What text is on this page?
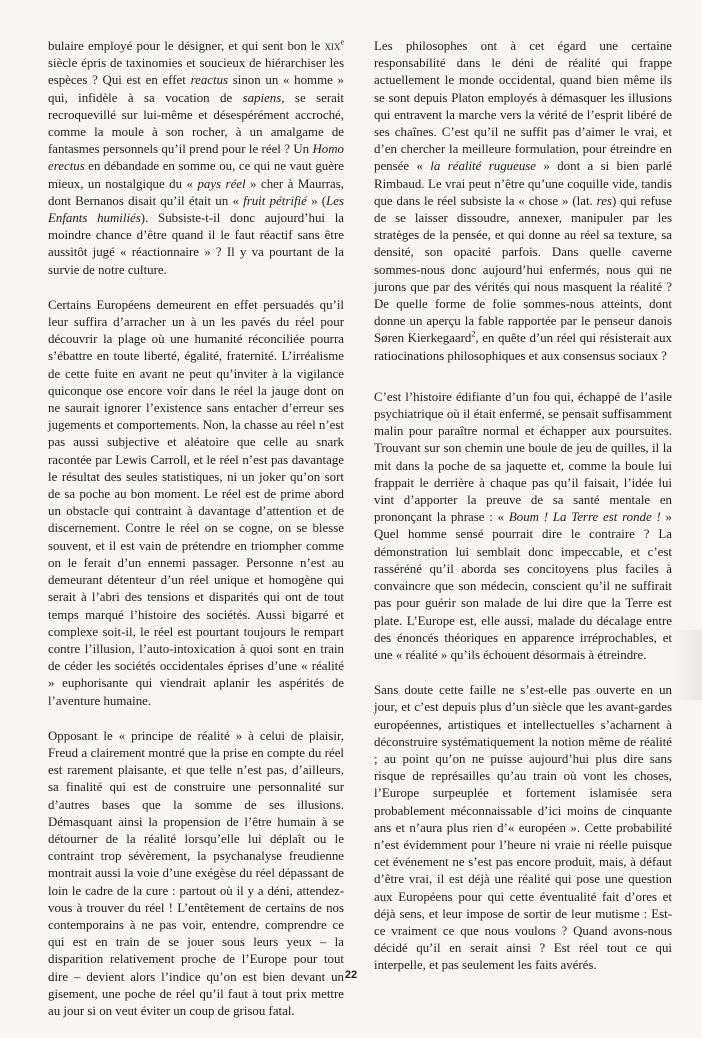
bulaire employé pour le désigner, et qui sent bon le xix$^e$ siècle épris de taxinomies et soucieux de hiérarchiser les espèces ? Qui est en effet reactus sinon un « homme » qui, infidèle à sa vocation de sapiens, se serait recroquevillé sur lui-même et désespérément accroché, comme la moule à son rocher, à un amalgame de fantasmes personnels qu’il prend pour le réel ? Un Homo erectus en débandade en somme ou, ce qui ne vaut guère mieux, un nostalgique du « pays réel » cher à Maurras, dont Bernanos disait qu’il était un « fruit pétrifié » (Les Enfants humiliés). Subsiste-t-il donc aujourd’hui la moindre chance d’être quand il le faut réactif sans être aussitôt jugé « réactionnaire » ? Il y va pourtant de la survie de notre culture.

Certains Européens demeurent en effet persuadés qu’il leur suffira d’arracher un à un les pavés du réel pour découvrir la plage où une humanité réconciliée pourra s’ébattre en toute liberté, égalité, fraternité. L’irréalisme de cette fuite en avant ne peut qu’inviter à la vigilance quiconque ose encore voir dans le réel la jauge dont on ne saurait ignorer l’existence sans entacher d’erreur ses jugements et comportements. Non, la chasse au réel n’est pas aussi subjective et aléatoire que celle au snark racontée par Lewis Carroll, et le réel n’est pas davantage le résultat des seules statistiques, ni un joker qu’on sort de sa poche au bon moment. Le réel est de prime abord un obstacle qui contraint à davantage d’attention et de discernement. Contre le réel on se cogne, on se blesse souvent, et il est vain de prétendre en triompher comme on le ferait d’un ennemi passager. Personne n’est au demeurant détenteur d’un réel unique et homogène qui serait à l’abri des tensions et disparités qui ont de tout temps marqué l’histoire des sociétés. Aussi bigarré et complexe soit-il, le réel est pourtant toujours le rempart contre l’illusion, l’auto-intoxication à quoi sont en train de céder les sociétés occidentales éprises d’une « réalité » euphorisante qui viendrait aplanir les aspérités de l’aventure humaine.

Opposant le « principe de réalité » à celui de plaisir, Freud a clairement montré que la prise en compte du réel est rarement plaisante, et que telle n’est pas, d’ailleurs, sa finalité qui est de construire une personnalité sur d’autres bases que la somme de ses illusions. Démasquant ainsi la propension de l’être humain à se détourner de la réalité lorsqu’elle lui déplaît ou le contraint trop sévèrement, la psychanalyse freudienne montrait aussi la voie d’une exégèse du réel dépassant de loin le cadre de la cure : partout où il y a déni, attendez-vous à trouver du réel ! L’entêtement de certains de nos contemporains à ne pas voir, entendre, comprendre ce qui est en train de se jouer sous leurs yeux – la disparition relativement proche de l’Europe pour tout dire – devient alors l’indice qu’on est bien devant un gisement, une poche de réel qu’il faut à tout prix mettre au jour si on veut éviter un coup de grisou fatal.

Les philosophes ont à cet égard une certaine responsabilité dans le déni de réalité qui frappe actuellement le monde occidental, quand bien même ils se sont depuis Platon employés à démasquer les illusions qui entravent la marche vers la vérité de l’esprit libéré de ses chaînes. C’est qu’il ne suffit pas d’aimer le vrai, et d’en chercher la meilleure formulation, pour étreindre en pensée « la réalité rugueuse » dont a si bien parlé Rimbaud. Le vrai peut n’être qu’une coquille vide, tandis que dans le réel subsiste la « chose » (lat. res) qui refuse de se laisser dissoudre, annexer, manipuler par les stratèges de la pensée, et qui donne au réel sa texture, sa densité, son opacité parfois. Dans quelle caverne sommes-nous donc aujourd’hui enfermés, nous qui ne jurons que par des vérités qui nous masquent la réalité ? De quelle forme de folie sommes-nous atteints, dont donne un aperçu la fable rapportée par le penseur danois Søren Kierkegaard$^2$, en quête d’un réel qui résisterait aux ratiocinations philosophiques et aux consensus sociaux ?

C’est l’histoire édifiante d’un fou qui, échappé de l’asile psychiatrique où il était enfermé, se pensait suffisamment malin pour paraître normal et échapper aux poursuites. Trouvant sur son chemin une boule de jeu de quilles, il la mit dans la poche de sa jaquette et, comme la boule lui frappait le derrière à chaque pas qu’il faisait, l’idée lui vint d’apporter la preuve de sa santé mentale en prononçant la phrase : « Boum ! La Terre est ronde ! » Quel homme sensé pourrait dire le contraire ? La démonstration lui semblait donc impeccable, et c’est rasséréné qu’il aborda ses concitoyens plus faciles à convaincre que son médecin, conscient qu’il ne suffirait pas pour guérir son malade de lui dire que la Terre est plate. L’Europe est, elle aussi, malade du décalage entre des énoncés théoriques en apparence irréprochables, et une « réalité » qu’ils échouent désormais à étreindre.

Sans doute cette faille ne s’est-elle pas ouverte en un jour, et c’est depuis plus d’un siècle que les avant-gardes européennes, artistiques et intellectuelles s’acharnent à déconstruire systématiquement la notion même de réalité ; au point qu’on ne puisse aujourd’hui plus dire sans risque de représailles qu’au train où vont les choses, l’Europe surpeuplée et fortement islamisée sera probablement méconnaissable d’ici moins de cinquante ans et n’aura plus rien d’« européen ». Cette probabilité n’est évidemment pour l’heure ni vraie ni réelle puisque cet événement ne s’est pas encore produit, mais, à défaut d’être vrai, il est déjà une réalité qui pose une question aux Européens pour qui cette éventualité fait d’ores et déjà sens, et leur impose de sortir de leur mutisme : Est-ce vraiment ce que nous voulons ? Quand avons-nous décidé qu’il en serait ainsi ? Est réel tout ce qui interpelle, et pas seulement les faits avérés.

22
